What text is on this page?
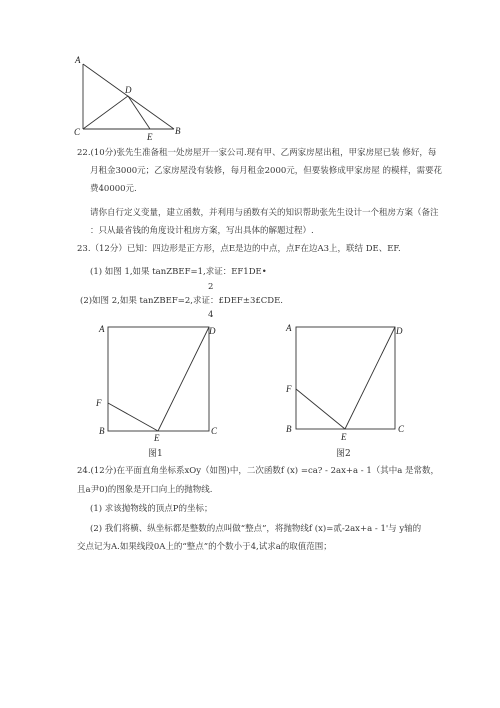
A
D
C	E
B
22.(10分)张先生准备租一处房屋开一家公司.现有甲、乙两家房屋出租，甲家房屋已装 修好，每
月租金3000元；乙家房屋没有装修，每月租金2000元，但要装修成甲家房屋 的模样，需要花
费40000元.
请你自行定义变量，建立函数，并利用与函数有关的知识帮助张先生设计一个租房方案（备注
：只从最省钱的角度设计租房方案，写出具体的解题过程）.
23.（12分）已知：四边形是正方形，点E是边的中点，点F在边A3上，联结 DE、EF.
(1) 如图 1,如果 tanZBEF=1,求证：EF1DE•
2
(2)如图 2,如果 tanZBEF=2,求证：£DEF±3£CDE.
4
A	D
F
B
E
C
A	D
F
B
E
C
图1	图2
24.(12分)在平面直角坐标系xOy（如图)中，二次函数f (x) =ca? - 2ax+a - 1（其中a 是常数，
且a尹0)的图象是开口向上的抛物线.
(1) 求该抛物线的顶点P的坐标；
(2) 我们将横、纵坐标都是整数的点叫做“整点”，将抛物线f (x)=贰-2ax+a - 1'与 y轴的
交点记为A.如果线段0A上的“整点”的个数小于4,试求a的取值范围；
